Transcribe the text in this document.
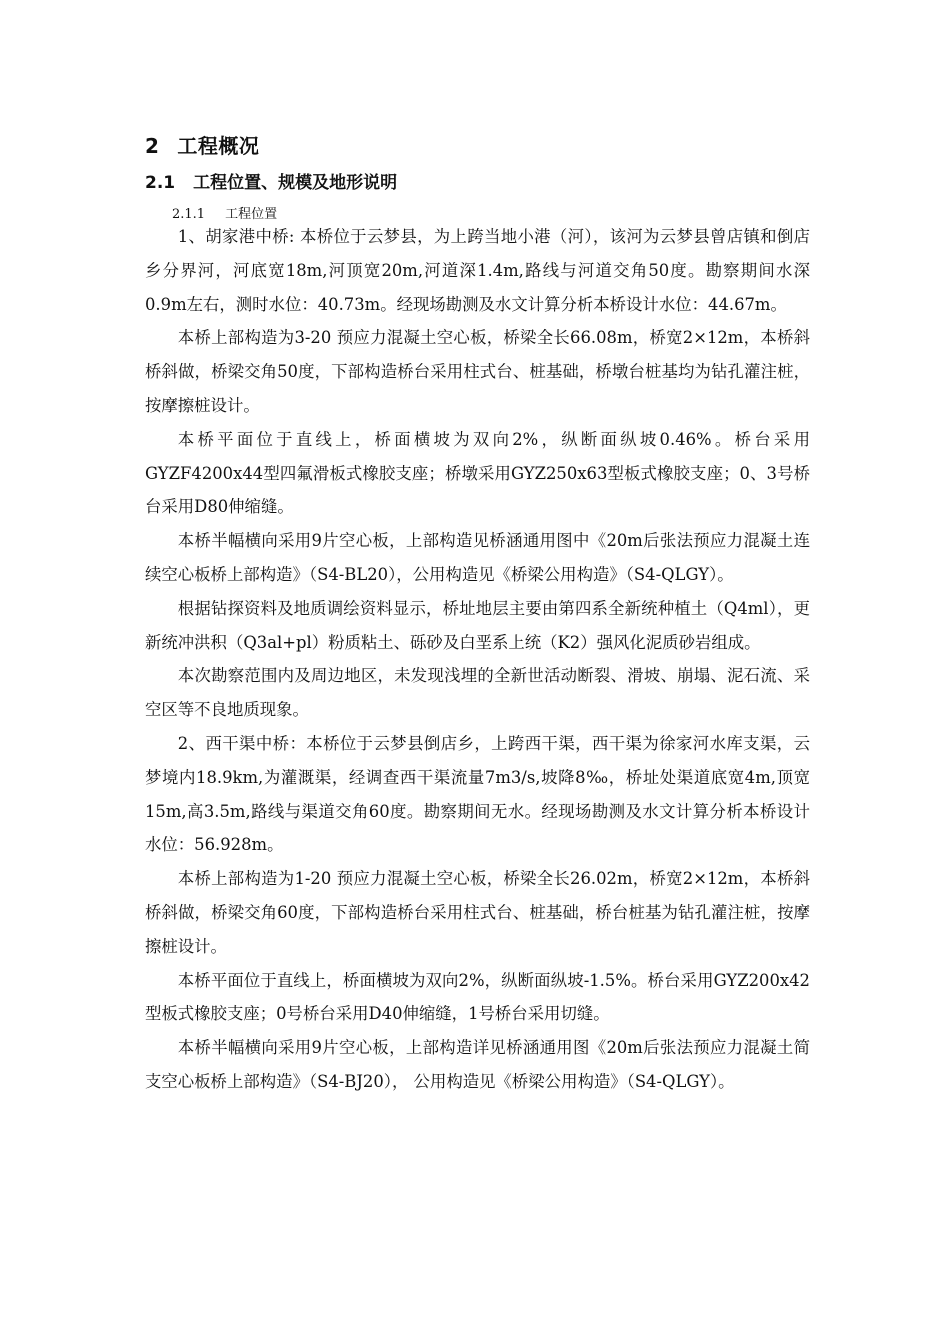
2 工程概况
2.1 工程位置、规模及地形说明
2.1.1 工程位置

1、胡家港中桥: 本桥位于云梦县，为上跨当地小港（河），该河为云梦县曾店镇和倒店乡分界河，河底宽18m,河顶宽20m,河道深1.4m,路线与河道交角50度。勘察期间水深0.9m左右，测时水位：40.73m。经现场勘测及水文计算分析本桥设计水位：44.67m。

本桥上部构造为3-20 预应力混凝土空心板，桥梁全长66.08m，桥宽2×12m，本桥斜桥斜做，桥梁交角50度，下部构造桥台采用柱式台、桩基础，桥墩台桩基均为钻孔灌注桩，按摩擦桩设计。

本桥平面位于直线上，桥面横坡为双向2%，纵断面纵坡0.46%。桥台采用GYZF4200x44型四氟滑板式橡胶支座；桥墩采用GYZ250x63型板式橡胶支座；0、3号桥台采用D80伸缩缝。

本桥半幅横向采用9片空心板，上部构造见桥涵通用图中《20m后张法预应力混凝土连续空心板桥上部构造》（S4-BL20），公用构造见《桥梁公用构造》（S4-QLGY）。

根据钻探资料及地质调绘资料显示，桥址地层主要由第四系全新统种植土（Q4ml），更新统冲洪积（Q3al+pl）粉质粘土、砾砂及白垩系上统（K2）强风化泥质砂岩组成。

本次勘察范围内及周边地区，未发现浅埋的全新世活动断裂、滑坡、崩塌、泥石流、采空区等不良地质现象。

2、西干渠中桥：本桥位于云梦县倒店乡，上跨西干渠，西干渠为徐家河水库支渠，云梦境内18.9km,为灌溉渠，经调查西干渠流量7m3/s,坡降8‰，桥址处渠道底宽4m,顶宽15m,高3.5m,路线与渠道交角60度。勘察期间无水。经现场勘测及水文计算分析本桥设计水位：56.928m。

本桥上部构造为1-20 预应力混凝土空心板，桥梁全长26.02m，桥宽2×12m，本桥斜桥斜做，桥梁交角60度，下部构造桥台采用柱式台、桩基础，桥台桩基为钻孔灌注桩，按摩擦桩设计。

本桥平面位于直线上，桥面横坡为双向2%，纵断面纵坡-1.5%。桥台采用GYZ200x42型板式橡胶支座；0号桥台采用D40伸缩缝，1号桥台采用切缝。

本桥半幅横向采用9片空心板，上部构造详见桥涵通用图《20m后张法预应力混凝土简支空心板桥上部构造》（S4-BJ20）， 公用构造见《桥梁公用构造》（S4-QLGY）。
